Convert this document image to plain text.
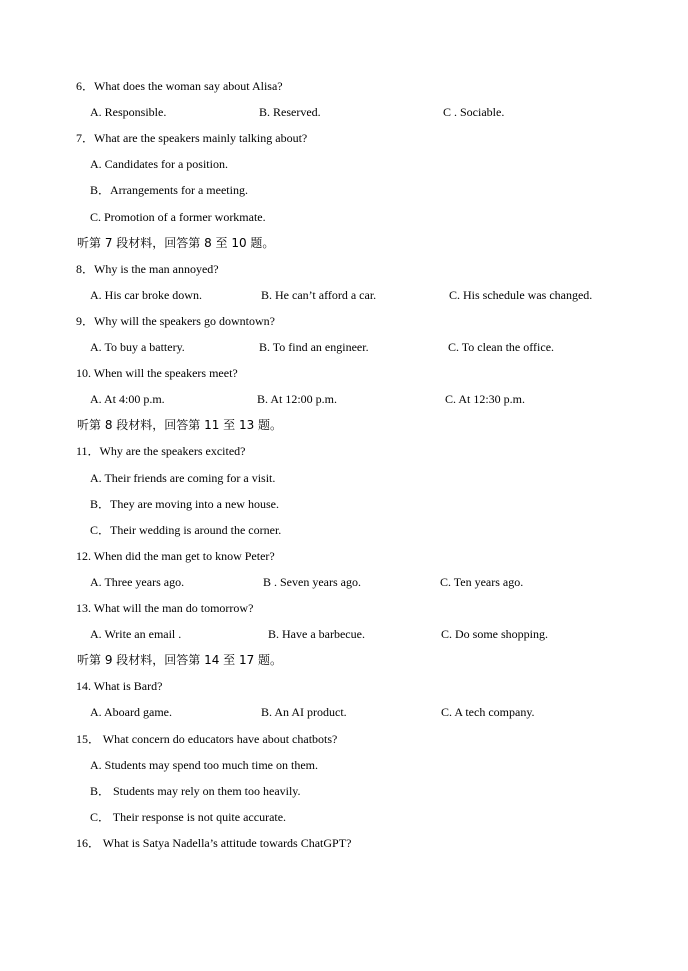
6．What does the woman say about Alisa?
A. Responsible.	B. Reserved.	C . Sociable.
7．What are the speakers mainly talking about?
A. Candidates for a position.
B．Arrangements for a meeting.
C. Promotion of a former workmate.
听第 7 段材料，回答第 8 至 10 题。
8．Why is the man annoyed?
A. His car broke down.	B. He can’t afford a car.	C. His schedule was changed.
9．Why will the speakers go downtown?
A. To buy a battery.	B. To find an engineer.	C. To clean the office.
10. When will the speakers meet?
A. At 4:00 p.m.	B. At 12:00 p.m.	C. At 12:30 p.m.
听第 8 段材料，回答第 11 至 13 题。
11．Why are the speakers excited?
A. Their friends are coming for a visit.
B．They are moving into a new house.
C．Their wedding is around the corner.
12. When did the man get to know Peter?
A. Three years ago.	B . Seven years ago.	C. Ten years ago.
13. What will the man do tomorrow?
A. Write an email .	B. Have a barbecue.	C. Do some shopping.
听第 9 段材料，回答第 14 至 17 题。
14. What is Bard?
A. Aboard game.	B. An AI product.	C. A tech company.
15． What concern do educators have about chatbots?
A. Students may spend too much time on them.
B． Students may rely on them too heavily.
C． Their response is not quite accurate.
16． What is Satya Nadella’s attitude towards ChatGPT?
